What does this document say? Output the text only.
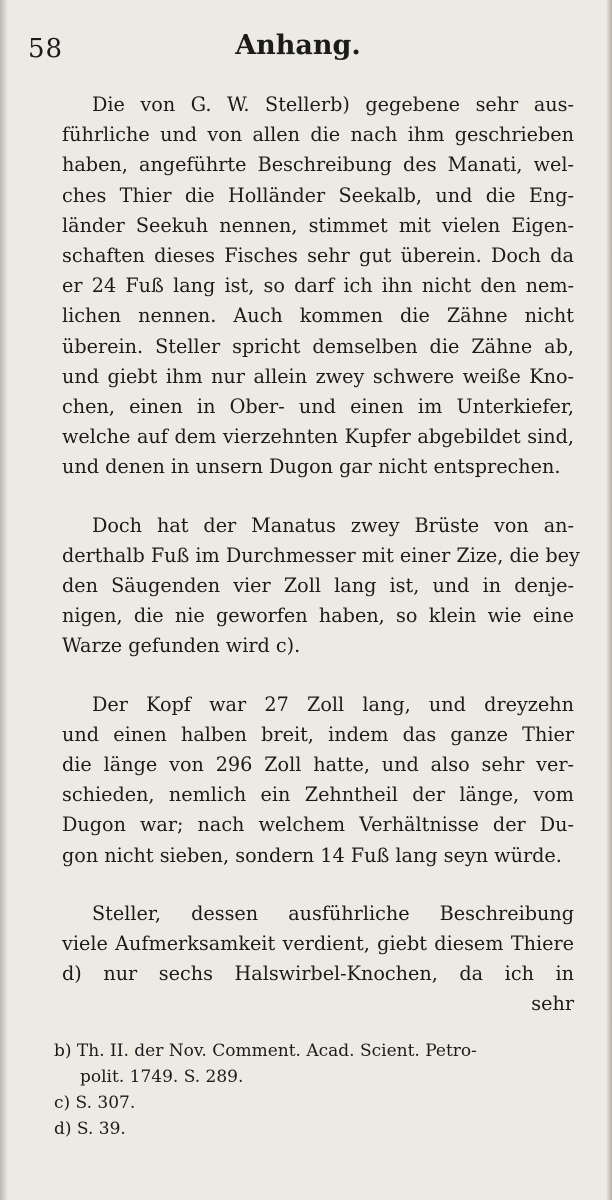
58	Anhang.
Die von G. W. Stellerb) gegebene sehr aus-
führliche und von allen die nach ihm geschrieben
haben, angeführte Beschreibung des Manati, wel-
ches Thier die Holländer Seekalb, und die Eng-
länder Seekuh nennen, stimmet mit vielen Eigen-
schaften dieses Fisches sehr gut überein. Doch da
er 24 Fuß lang ist, so darf ich ihn nicht den nem-
lichen nennen. Auch kommen die Zähne nicht
überein. Steller spricht demselben die Zähne ab,
und giebt ihm nur allein zwey schwere weiße Kno-
chen, einen in Ober- und einen im Unterkiefer,
welche auf dem vierzehnten Kupfer abgebildet sind,
und denen in unsern Dugon gar nicht entsprechen.
Doch hat der Manatus zwey Brüste von an-
derthalb Fuß im Durchmesser mit einer Zize, die bey
den Säugenden vier Zoll lang ist, und in denje-
nigen, die nie geworfen haben, so klein wie eine
Warze gefunden wird c).
Der Kopf war 27 Zoll lang, und dreyzehn
und einen halben breit, indem das ganze Thier
die länge von 296 Zoll hatte, und also sehr ver-
schieden, nemlich ein Zehntheil der länge, vom
Dugon war; nach welchem Verhältnisse der Du-
gon nicht sieben, sondern 14 Fuß lang seyn würde.
Steller, dessen ausführliche Beschreibung
viele Aufmerksamkeit verdient, giebt diesem Thiere
d) nur sechs Halswirbel-Knochen, da ich in
sehr
b) Th. II. der Nov. Comment. Acad. Scient. Petro-
polit. 1749. S. 289.
c) S. 307.
d) S. 39.
